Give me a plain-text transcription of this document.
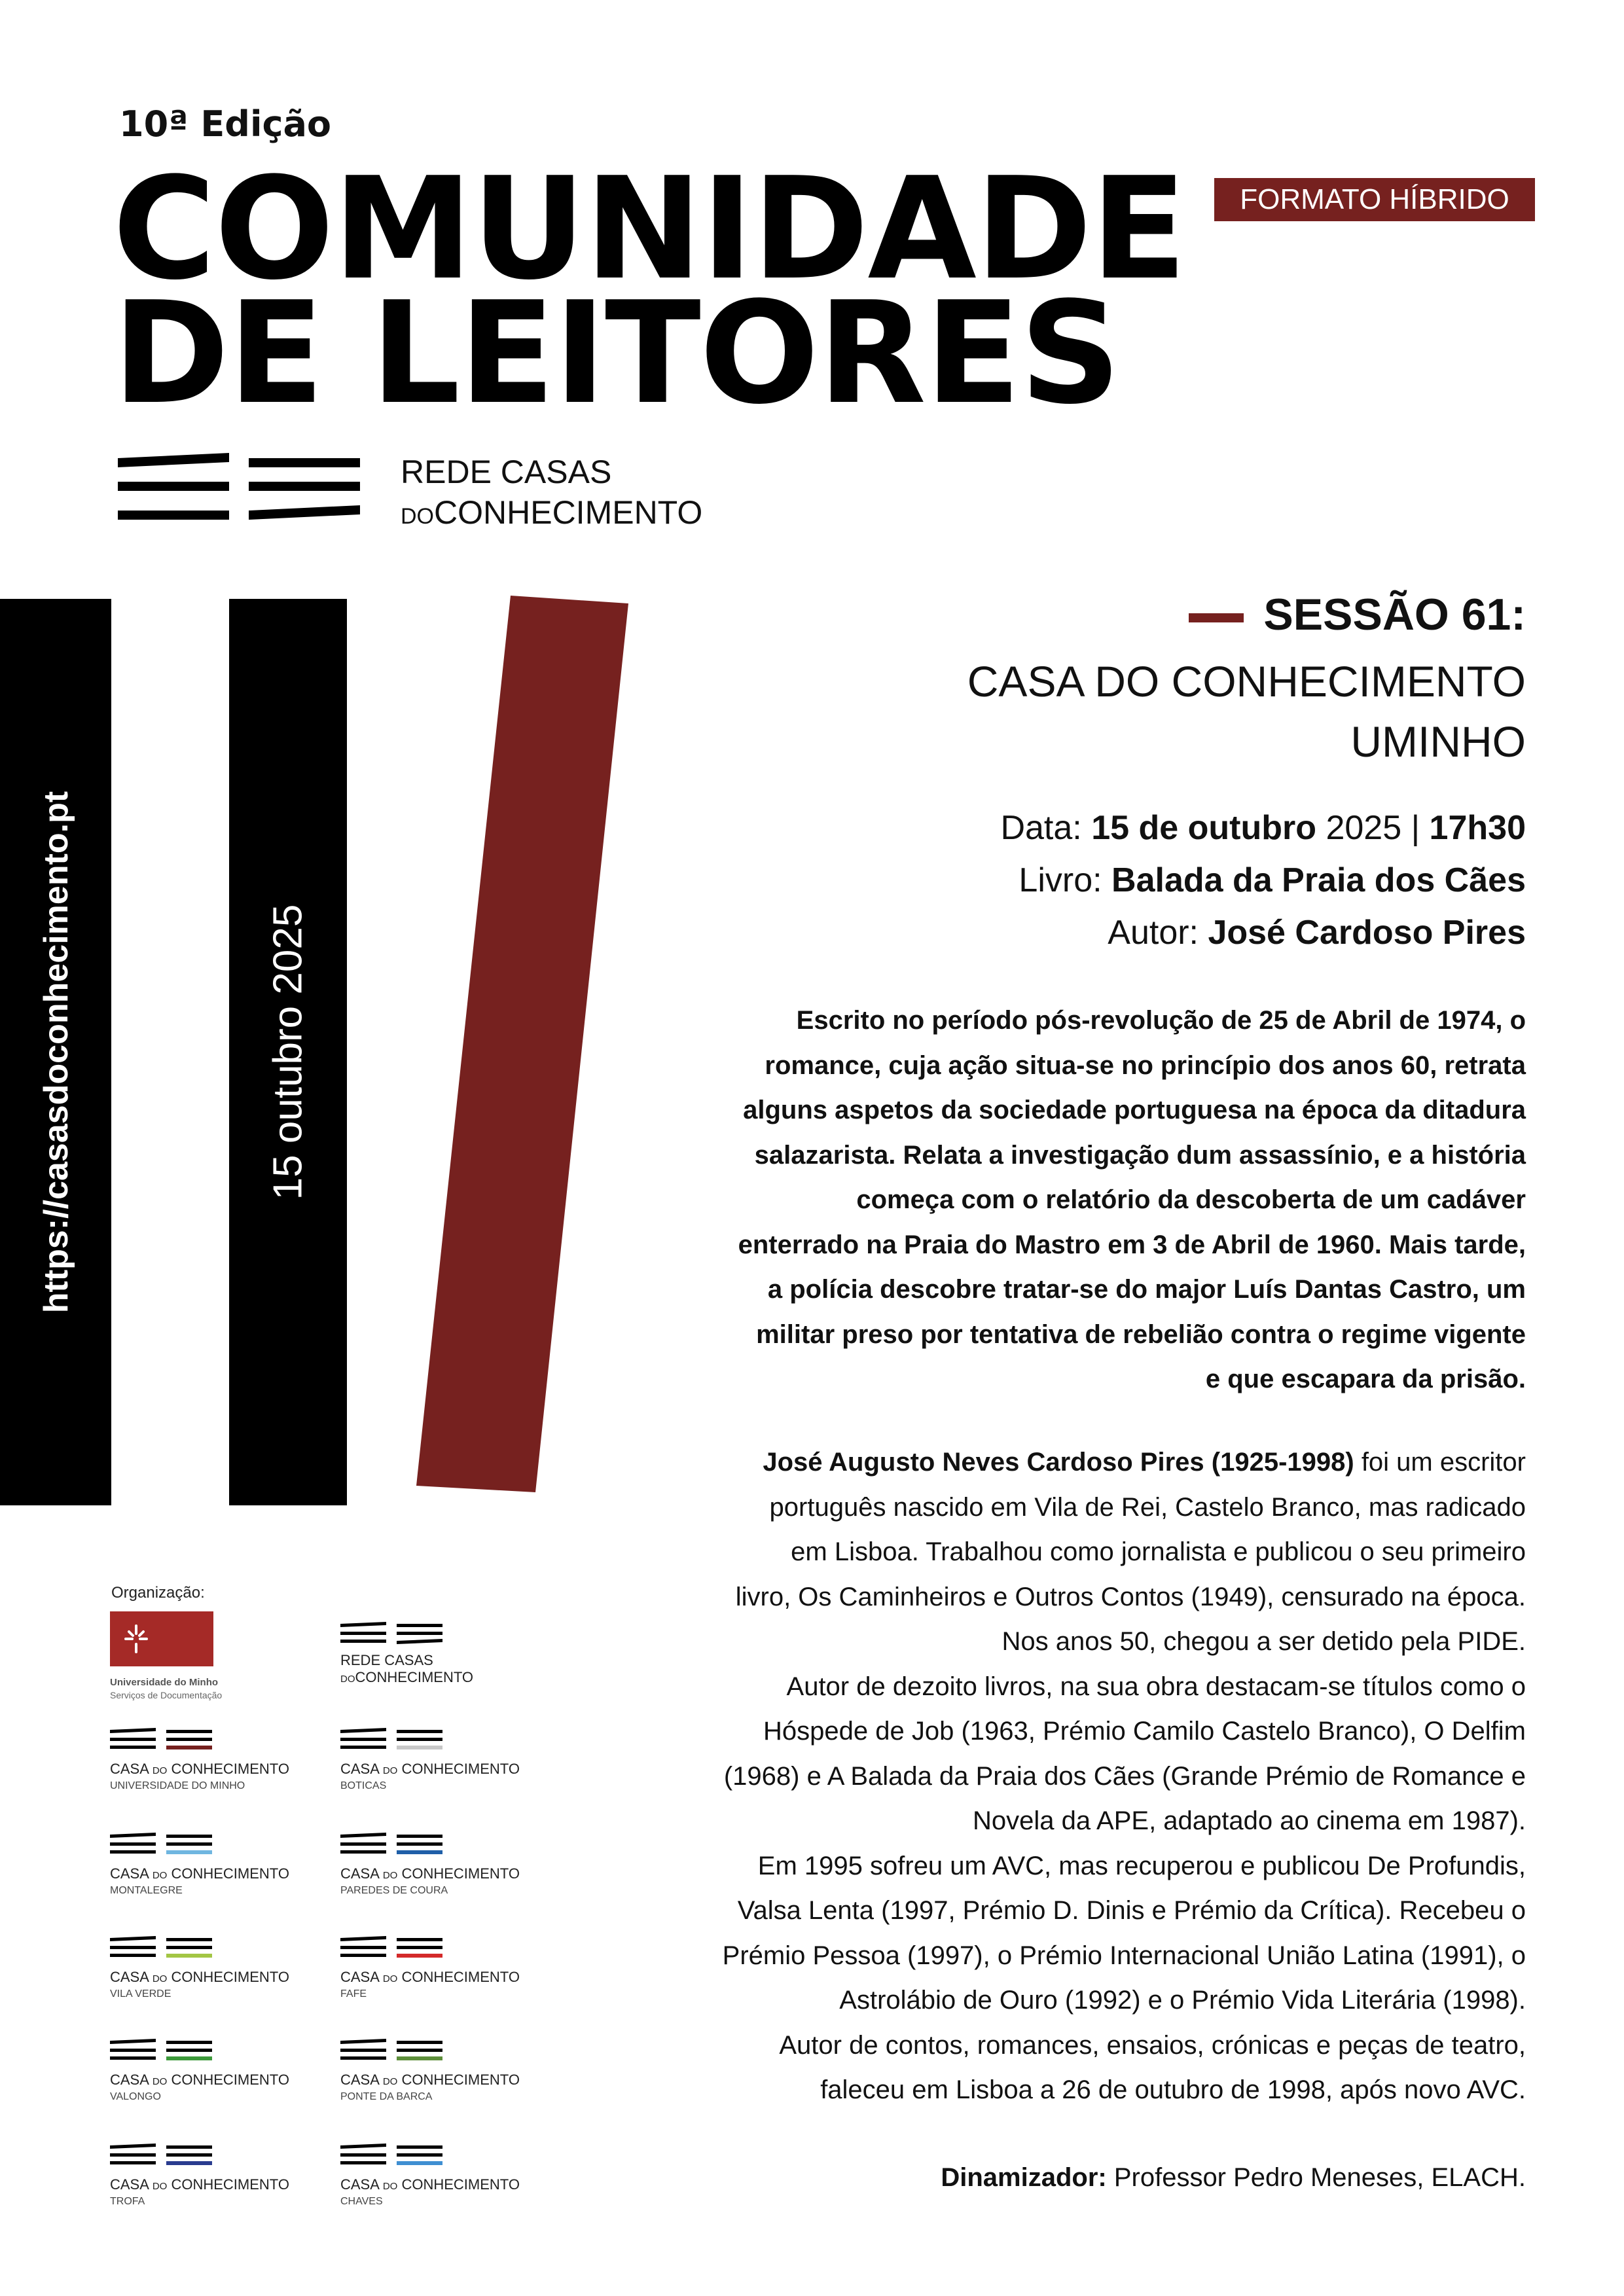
10ª Edição
COMUNIDADE
DE LEITORES
FORMATO HÍBRIDO
REDE CASAS
DOCONHECIMENTO
https://casasdoconhecimento.pt	15 outubro 2025
SESSÃO 61:
CASA DO CONHECIMENTO
UMINHO
Data: 15 de outubro 2025 | 17h30
Livro: Balada da Praia dos Cães
Autor: José Cardoso Pires
Escrito no período pós-revolução de 25 de Abril de 1974, o
romance, cuja ação situa-se no princípio dos anos 60, retrata
alguns aspetos da sociedade portuguesa na época da ditadura
salazarista. Relata a investigação dum assassínio, e a história
começa com o relatório da descoberta de um cadáver
enterrado na Praia do Mastro em 3 de Abril de 1960. Mais tarde,
a polícia descobre tratar-se do major Luís Dantas Castro, um
militar preso por tentativa de rebelião contra o regime vigente
e que escapara da prisão.
José Augusto Neves Cardoso Pires (1925-1998) foi um escritor
português nascido em Vila de Rei, Castelo Branco, mas radicado
em Lisboa. Trabalhou como jornalista e publicou o seu primeiro
livro, Os Caminheiros e Outros Contos (1949), censurado na época.
Nos anos 50, chegou a ser detido pela PIDE.
Autor de dezoito livros, na sua obra destacam-se títulos como o
Hóspede de Job (1963, Prémio Camilo Castelo Branco), O Delfim
(1968) e A Balada da Praia dos Cães (Grande Prémio de Romance e
Novela da APE, adaptado ao cinema em 1987).
Em 1995 sofreu um AVC, mas recuperou e publicou De Profundis,
Valsa Lenta (1997, Prémio D. Dinis e Prémio da Crítica). Recebeu o
Prémio Pessoa (1997), o Prémio Internacional União Latina (1991), o
Astrolábio de Ouro (1992) e o Prémio Vida Literária (1998).
Autor de contos, romances, ensaios, crónicas e peças de teatro,
faleceu em Lisboa a 26 de outubro de 1998, após novo AVC.
Dinamizador: Professor Pedro Meneses, ELACH.
Organização:
Universidade do Minho
Serviços de Documentação
REDE CASAS
DOCONHECIMENTO
CASA DO CONHECIMENTO
UNIVERSIDADE DO MINHO
CASA DO CONHECIMENTO
BOTICAS
CASA DO CONHECIMENTO
MONTALEGRE
CASA DO CONHECIMENTO
PAREDES DE COURA
CASA DO CONHECIMENTO
VILA VERDE
CASA DO CONHECIMENTO
FAFE
CASA DO CONHECIMENTO
VALONGO
CASA DO CONHECIMENTO
PONTE DA BARCA
CASA DO CONHECIMENTO
TROFA
CASA DO CONHECIMENTO
CHAVES
